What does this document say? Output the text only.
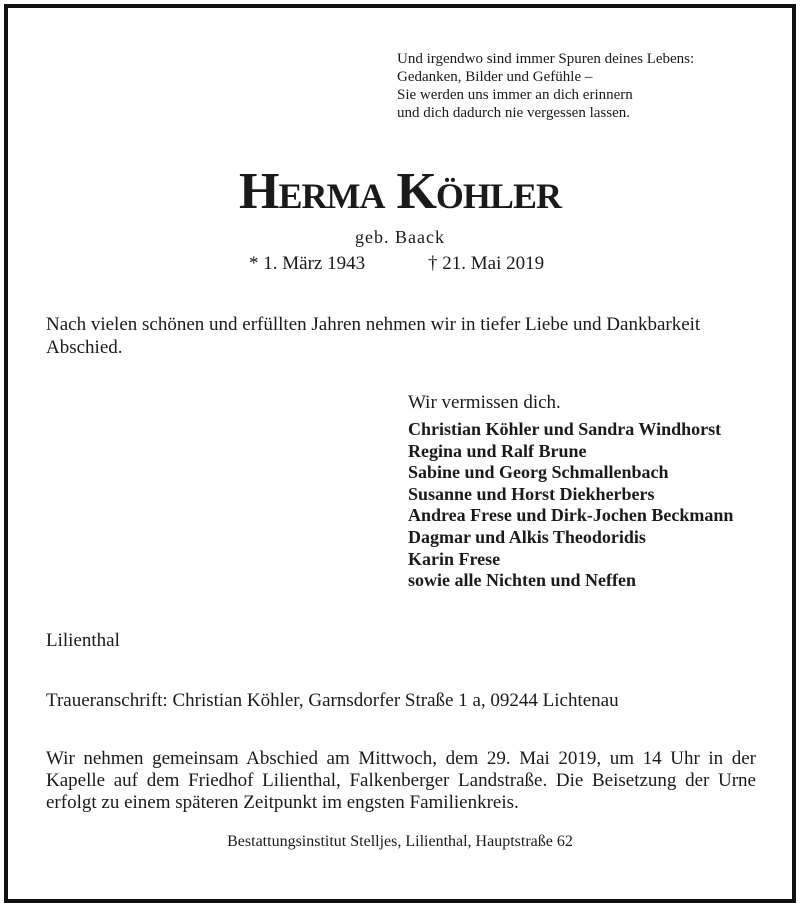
Und irgendwo sind immer Spuren deines Lebens:
Gedanken, Bilder und Gefühle –
Sie werden uns immer an dich erinnern
und dich dadurch nie vergessen lassen.
Herma Köhler
geb. Baack
* 1. März 1943	† 21. Mai 2019
Nach vielen schönen und erfüllten Jahren nehmen wir in tiefer Liebe und Dankbarkeit Abschied.
Wir vermissen dich.
Christian Köhler und Sandra Windhorst
Regina und Ralf Brune
Sabine und Georg Schmallenbach
Susanne und Horst Diekherbers
Andrea Frese und Dirk-Jochen Beckmann
Dagmar und Alkis Theodoridis
Karin Frese
sowie alle Nichten und Neffen
Lilienthal
Traueranschrift: Christian Köhler, Garnsdorfer Straße 1 a, 09244 Lichtenau
Wir nehmen gemeinsam Abschied am Mittwoch, dem 29. Mai 2019, um 14 Uhr in der Kapelle auf dem Friedhof Lilienthal, Falkenberger Landstraße. Die Beisetzung der Urne erfolgt zu einem späteren Zeitpunkt im engsten Familienkreis.
Bestattungsinstitut Stelljes, Lilienthal, Hauptstraße 62
